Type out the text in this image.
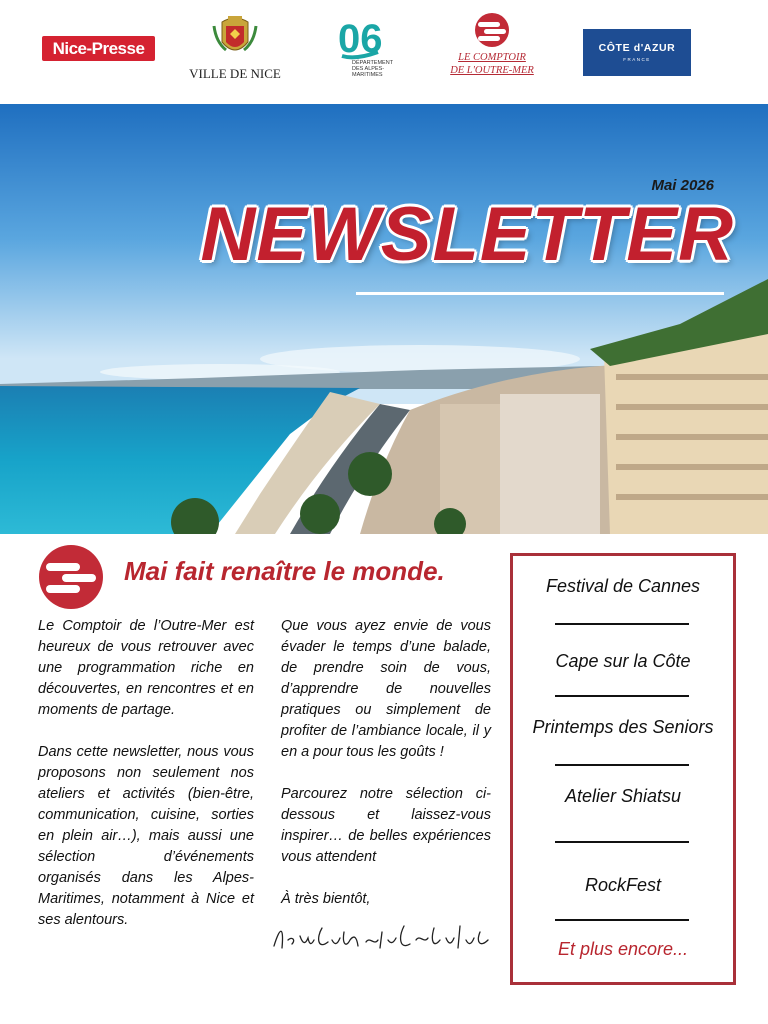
Nice-Presse
VILLE DE NICE
06
DÉPARTEMENT
DES ALPES-MARITIMES
LE COMPTOIR
DE L'OUTRE-MER
CÔTE d'AZUR
FRANCE
Mai 2026
NEWSLETTER
Mai fait renaître le monde.

Le Comptoir de l’Outre-Mer est heureux de vous retrouver avec une programmation riche en découvertes, en rencontres et en moments de partage.

Dans cette newsletter, nous vous proposons non seulement nos ateliers et activités (bien-être, communication, cuisine, sorties en plein air…), mais aussi une sélection d’événements organisés dans les Alpes-Maritimes, notamment à Nice et ses alentours.

Que vous ayez envie de vous évader le temps d’une balade, de prendre soin de vous, d’apprendre de nouvelles pratiques ou simplement de profiter de l’ambiance locale, il y en a pour tous les goûts !

Parcourez notre sélection ci-dessous et laissez-vous inspirer… de belles expériences vous attendent

À très bientôt,

Festival de Cannes
Cape sur la Côte
Printemps des Seniors
Atelier Shiatsu
RockFest
Et plus encore...
